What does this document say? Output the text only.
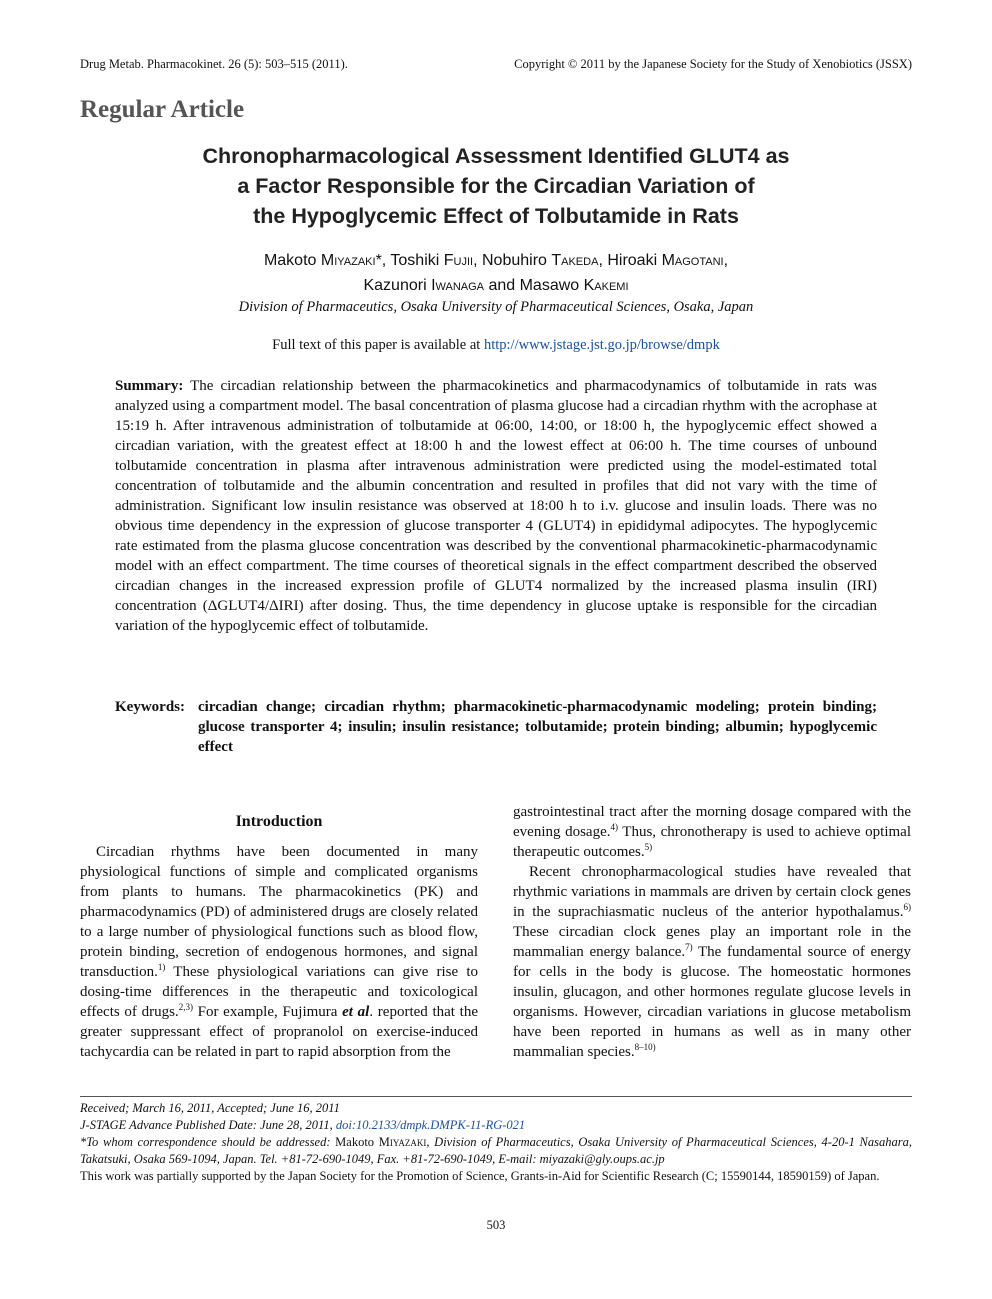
Drug Metab. Pharmacokinet. 26 (5): 503–515 (2011).	Copyright © 2011 by the Japanese Society for the Study of Xenobiotics (JSSX)
Regular Article
Chronopharmacological Assessment Identified GLUT4 as
a Factor Responsible for the Circadian Variation of
the Hypoglycemic Effect of Tolbutamide in Rats
Makoto Miyazaki*, Toshiki Fujii, Nobuhiro Takeda, Hiroaki Magotani,
Kazunori Iwanaga and Masawo Kakemi
Division of Pharmaceutics, Osaka University of Pharmaceutical Sciences, Osaka, Japan
Full text of this paper is available at http://www.jstage.jst.go.jp/browse/dmpk
Summary: The circadian relationship between the pharmacokinetics and pharmacodynamics of tolbutamide in rats was analyzed using a compartment model. The basal concentration of plasma glucose had a circadian rhythm with the acrophase at 15:19 h. After intravenous administration of tolbutamide at 06:00, 14:00, or 18:00 h, the hypoglycemic effect showed a circadian variation, with the greatest effect at 18:00 h and the lowest effect at 06:00 h. The time courses of unbound tolbutamide concentration in plasma after intravenous administration were predicted using the model-estimated total concentration of tolbutamide and the albumin concentration and resulted in profiles that did not vary with the time of administration. Significant low insulin resistance was observed at 18:00 h to i.v. glucose and insulin loads. There was no obvious time dependency in the expression of glucose transporter 4 (GLUT4) in epididymal adipocytes. The hypoglycemic rate estimated from the plasma glucose concentration was described by the conventional pharmacokinetic-pharmacodynamic model with an effect compartment. The time courses of theoretical signals in the effect compartment described the observed circadian changes in the increased expression profile of GLUT4 normalized by the increased plasma insulin (IRI) concentration (ΔGLUT4/ΔIRI) after dosing. Thus, the time dependency in glucose uptake is responsible for the circadian variation of the hypoglycemic effect of tolbutamide.
Keywords: circadian change; circadian rhythm; pharmacokinetic-pharmacodynamic modeling; protein binding; glucose transporter 4; insulin; insulin resistance; tolbutamide; protein binding; albumin; hypoglycemic effect
Introduction

Circadian rhythms have been documented in many physiological functions of simple and complicated organisms from plants to humans. The pharmacokinetics (PK) and pharmacodynamics (PD) of administered drugs are closely related to a large number of physiological functions such as blood flow, protein binding, secretion of endogenous hormones, and signal transduction.$^{1)}$ These physiological variations can give rise to dosing-time differences in the therapeutic and toxicological effects of drugs.$^{2,3)}$ For example, Fujimura et al. reported that the greater suppressant effect of propranolol on exercise-induced tachycardia can be related in part to rapid absorption from the

gastrointestinal tract after the morning dosage compared with the evening dosage.$^{4)}$ Thus, chronotherapy is used to achieve optimal therapeutic outcomes.$^{5)}$

Recent chronopharmacological studies have revealed that rhythmic variations in mammals are driven by certain clock genes in the suprachiasmatic nucleus of the anterior hypothalamus.$^{6)}$ These circadian clock genes play an important role in the mammalian energy balance.$^{7)}$ The fundamental source of energy for cells in the body is glucose. The homeostatic hormones insulin, glucagon, and other hormones regulate glucose levels in organisms. However, circadian variations in glucose metabolism have been reported in humans as well as in many other mammalian species.$^{8-10)}$

Received; March 16, 2011, Accepted; June 16, 2011
J-STAGE Advance Published Date: June 28, 2011, doi:10.2133/dmpk.DMPK-11-RG-021
*To whom correspondence should be addressed: Makoto Miyazaki, Division of Pharmaceutics, Osaka University of Pharmaceutical Sciences, 4-20-1 Nasahara, Takatsuki, Osaka 569-1094, Japan. Tel. +81-72-690-1049, Fax. +81-72-690-1049, E-mail: miyazaki@gly.oups.ac.jp
This work was partially supported by the Japan Society for the Promotion of Science, Grants-in-Aid for Scientific Research (C; 15590144, 18590159) of Japan.
503
